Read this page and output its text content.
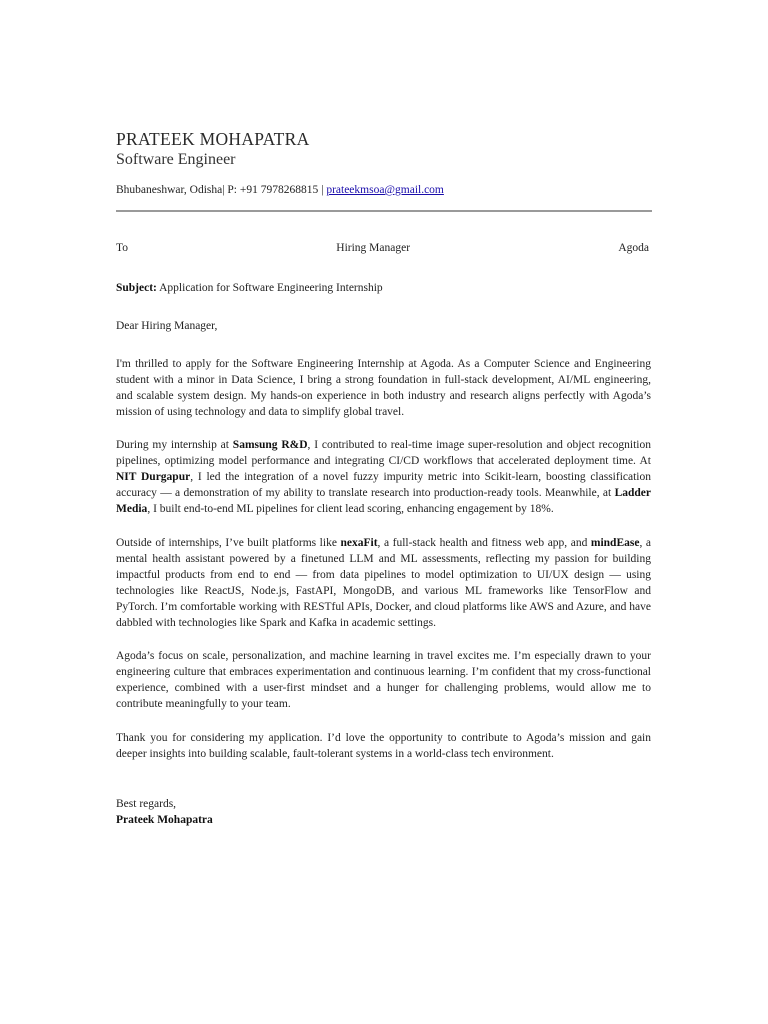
PRATEEK MOHAPATRA
Software Engineer
Bhubaneshwar, Odisha| P: +91 7978268815 | prateekmsoa@gmail.com
To	Hiring Manager	Agoda

Subject: Application for Software Engineering Internship

Dear Hiring Manager,

I'm thrilled to apply for the Software Engineering Internship at Agoda. As a Computer Science and Engineering student with a minor in Data Science, I bring a strong foundation in full-stack development, AI/ML engineering, and scalable system design. My hands-on experience in both industry and research aligns perfectly with Agoda’s mission of using technology and data to simplify global travel.

During my internship at Samsung R&D, I contributed to real-time image super-resolution and object recognition pipelines, optimizing model performance and integrating CI/CD workflows that accelerated deployment time. At NIT Durgapur, I led the integration of a novel fuzzy impurity metric into Scikit-learn, boosting classification accuracy — a demonstration of my ability to translate research into production-ready tools. Meanwhile, at Ladder Media, I built end-to-end ML pipelines for client lead scoring, enhancing engagement by 18%.

Outside of internships, I’ve built platforms like nexaFit, a full-stack health and fitness web app, and mindEase, a mental health assistant powered by a finetuned LLM and ML assessments, reflecting my passion for building impactful products from end to end — from data pipelines to model optimization to UI/UX design — using technologies like ReactJS, Node.js, FastAPI, MongoDB, and various ML frameworks like TensorFlow and PyTorch. I’m comfortable working with RESTful APIs, Docker, and cloud platforms like AWS and Azure, and have dabbled with technologies like Spark and Kafka in academic settings.

Agoda’s focus on scale, personalization, and machine learning in travel excites me. I’m especially drawn to your engineering culture that embraces experimentation and continuous learning. I’m confident that my cross-functional experience, combined with a user-first mindset and a hunger for challenging problems, would allow me to contribute meaningfully to your team.

Thank you for considering my application. I’d love the opportunity to contribute to Agoda’s mission and gain deeper insights into building scalable, fault-tolerant systems in a world-class tech environment.

Best regards,
Prateek Mohapatra
